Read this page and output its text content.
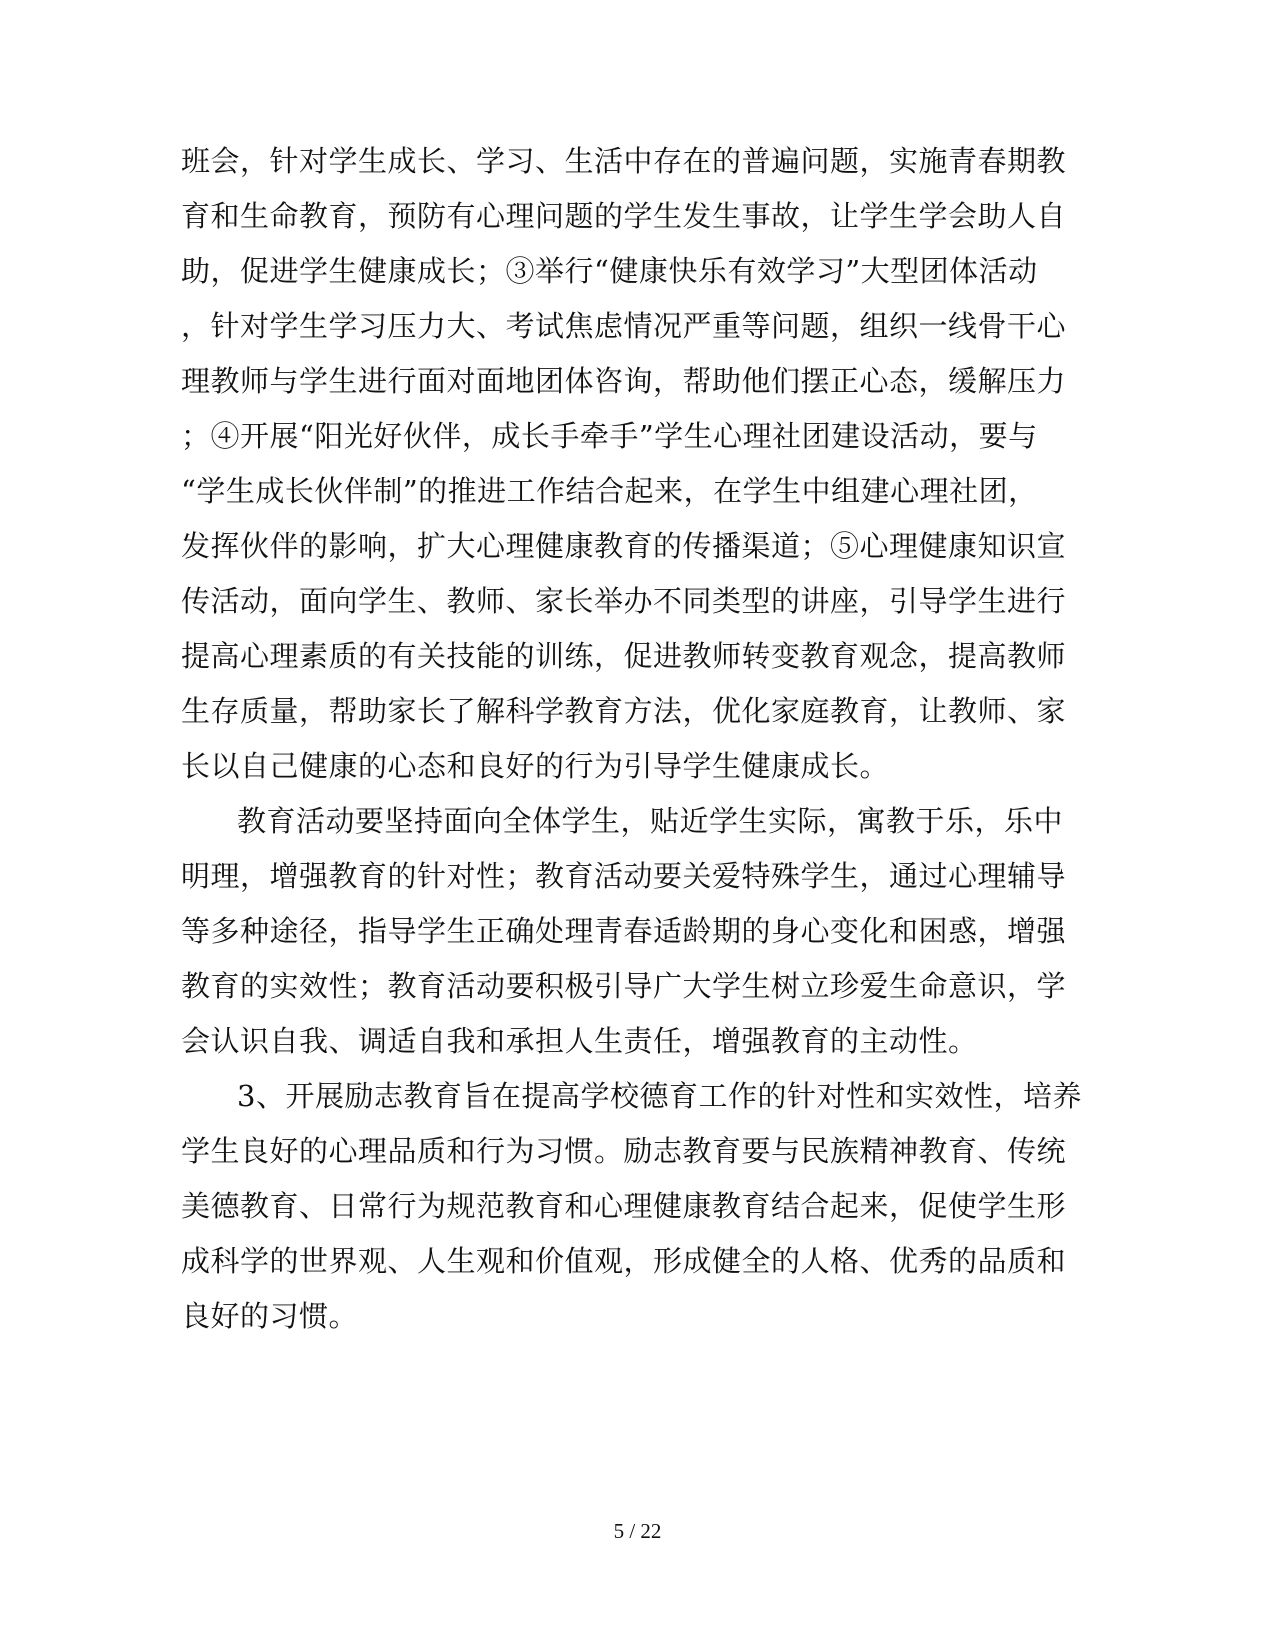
班会，针对学生成长、学习、生活中存在的普遍问题，实施青春期教
育和生命教育，预防有心理问题的学生发生事故，让学生学会助人自
助，促进学生健康成长；③举行“健康快乐有效学习”大型团体活动
，针对学生学习压力大、考试焦虑情况严重等问题，组织一线骨干心
理教师与学生进行面对面地团体咨询，帮助他们摆正心态，缓解压力
；④开展“阳光好伙伴，成长手牵手”学生心理社团建设活动，要与
“学生成长伙伴制”的推进工作结合起来，在学生中组建心理社团，
发挥伙伴的影响，扩大心理健康教育的传播渠道；⑤心理健康知识宣
传活动，面向学生、教师、家长举办不同类型的讲座，引导学生进行
提高心理素质的有关技能的训练，促进教师转变教育观念，提高教师
生存质量，帮助家长了解科学教育方法，优化家庭教育，让教师、家
长以自己健康的心态和良好的行为引导学生健康成长。
教育活动要坚持面向全体学生，贴近学生实际，寓教于乐，乐中
明理，增强教育的针对性；教育活动要关爱特殊学生，通过心理辅导
等多种途径，指导学生正确处理青春适龄期的身心变化和困惑，增强
教育的实效性；教育活动要积极引导广大学生树立珍爱生命意识，学
会认识自我、调适自我和承担人生责任，增强教育的主动性。
3、开展励志教育旨在提高学校德育工作的针对性和实效性，培养
学生良好的心理品质和行为习惯。励志教育要与民族精神教育、传统
美德教育、日常行为规范教育和心理健康教育结合起来，促使学生形
成科学的世界观、人生观和价值观，形成健全的人格、优秀的品质和
良好的习惯。
5 / 22
